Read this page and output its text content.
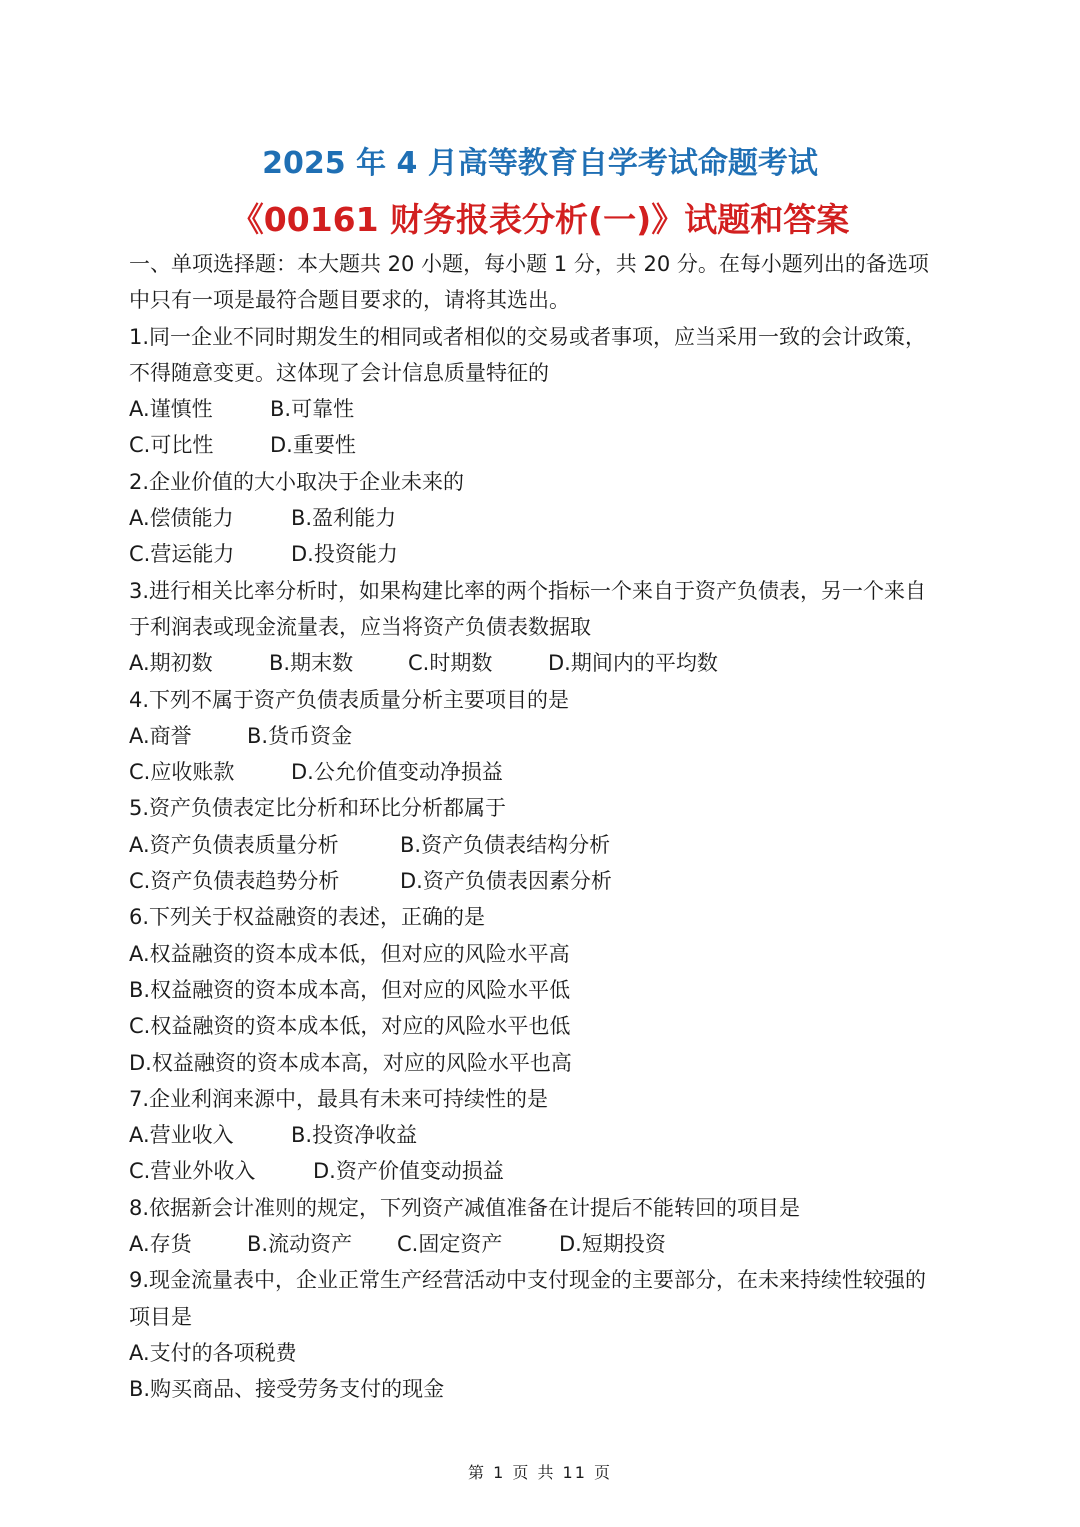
2025 年 4 月高等教育自学考试命题考试
《00161 财务报表分析(一)》试题和答案
一、单项选择题：本大题共 20 小题，每小题 1 分，共 20 分。在每小题列出的备选项
中只有一项是最符合题目要求的，请将其选出。
1.同一企业不同时期发生的相同或者相似的交易或者事项，应当采用一致的会计政策，
不得随意变更。这体现了会计信息质量特征的
A.谨慎性	B.可靠性
C.可比性	D.重要性
2.企业价值的大小取决于企业未来的
A.偿债能力	B.盈利能力
C.营运能力	D.投资能力
3.进行相关比率分析时，如果构建比率的两个指标一个来自于资产负债表，另一个来自
于利润表或现金流量表，应当将资产负债表数据取
A.期初数	B.期末数	C.时期数	D.期间内的平均数
4.下列不属于资产负债表质量分析主要项目的是
A.商誉	B.货币资金
C.应收账款	D.公允价值变动净损益
5.资产负债表定比分析和环比分析都属于
A.资产负债表质量分析	B.资产负债表结构分析
C.资产负债表趋势分析	D.资产负债表因素分析
6.下列关于权益融资的表述，正确的是
A.权益融资的资本成本低，但对应的风险水平高
B.权益融资的资本成本高，但对应的风险水平低
C.权益融资的资本成本低，对应的风险水平也低
D.权益融资的资本成本高，对应的风险水平也高
7.企业利润来源中，最具有未来可持续性的是
A.营业收入	B.投资净收益
C.营业外收入	D.资产价值变动损益
8.依据新会计准则的规定，下列资产减值准备在计提后不能转回的项目是
A.存货	B.流动资产 C.固定资产	D.短期投资
9.现金流量表中，企业正常生产经营活动中支付现金的主要部分，在未来持续性较强的
项目是
A.支付的各项税费
B.购买商品、接受劳务支付的现金
第 1 页 共 11 页
